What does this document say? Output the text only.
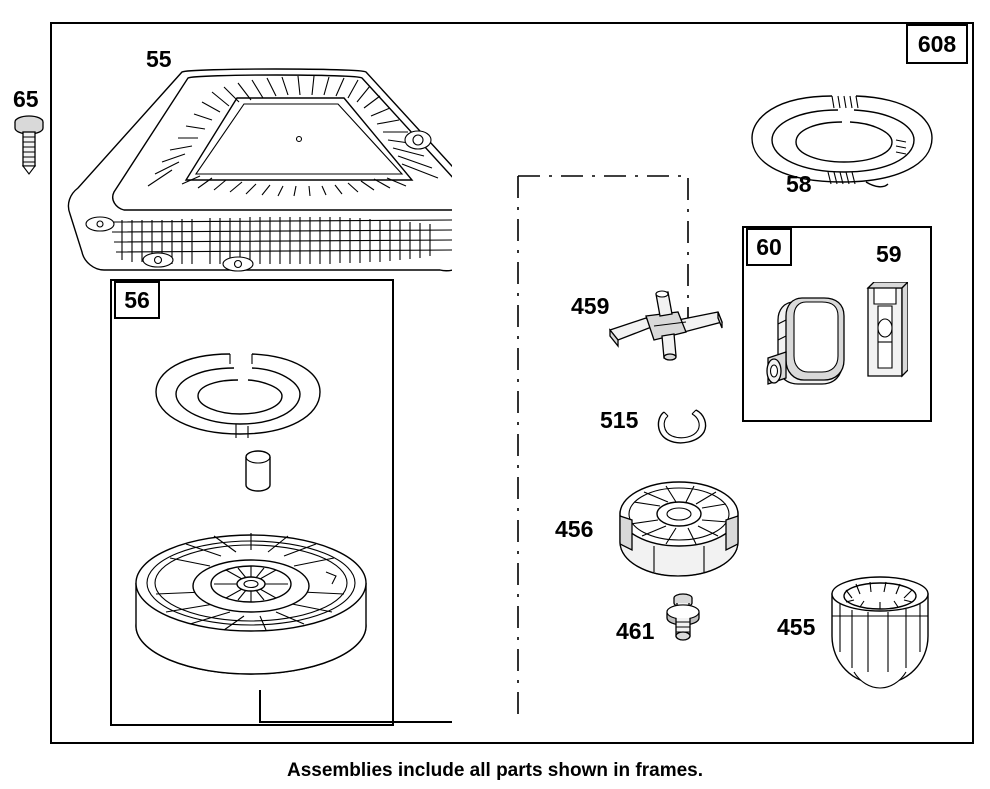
608
65
55
58
56	459
515
456
461	455
60	59
Assemblies include all parts shown in frames.
